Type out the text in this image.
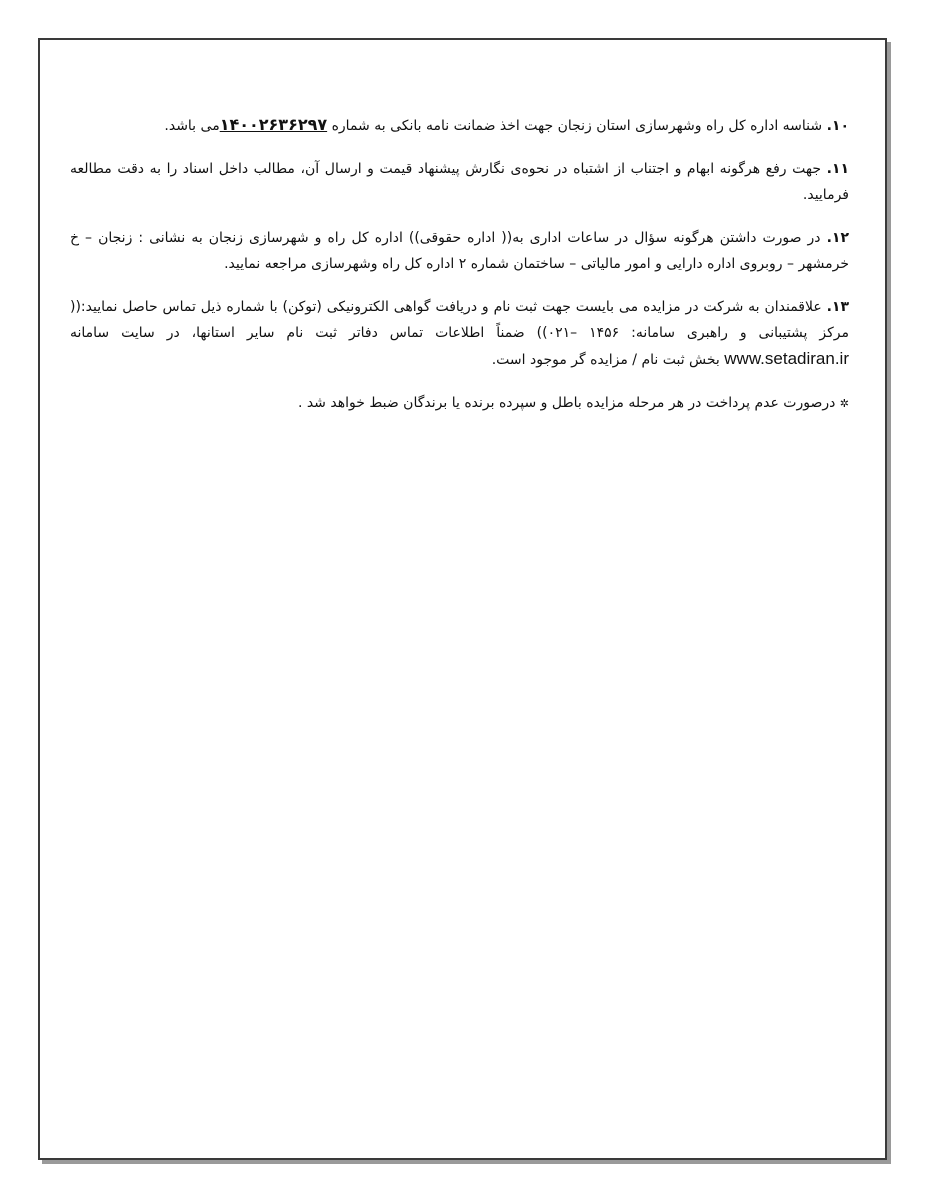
۱۰. شناسه اداره کل راه وشهرسازی استان زنجان جهت اخذ ضمانت نامه بانکی به شماره ۱۴۰۰۲۶۳۶۲۹۷می باشد.

۱۱. جهت رفع هرگونه ابهام و اجتناب از اشتباه در نحوه‌ی نگارش پیشنهاد قیمت و ارسال آن، مطالب داخل اسناد را به دقت مطالعه فرمایید.

۱۲. در صورت داشتن هرگونه سؤال در ساعات اداری به(( اداره حقوقی)) اداره کل راه و شهرسازی زنجان به نشانی : زنجان – خ خرمشهر – روبروی اداره دارایی و امور مالیاتی – ساختمان شماره ۲ اداره کل راه وشهرسازی مراجعه نمایید.

۱۳. علاقمندان به شرکت در مزایده می بایست جهت ثبت نام و دریافت گواهی الکترونیکی (توکن) با شماره ذیل تماس حاصل نمایید:(( مرکز پشتیبانی و راهبری سامانه: ۱۴۵۶ –۰۲۱)) ضمناً اطلاعات تماس دفاتر ثبت نام سایر استانها، در سایت سامانه www.setadiran.ir بخش ثبت نام / مزایده گر موجود است.

✲ درصورت عدم پرداخت در هر مرحله مزایده باطل و سپرده برنده یا برندگان ضبط خواهد شد .
